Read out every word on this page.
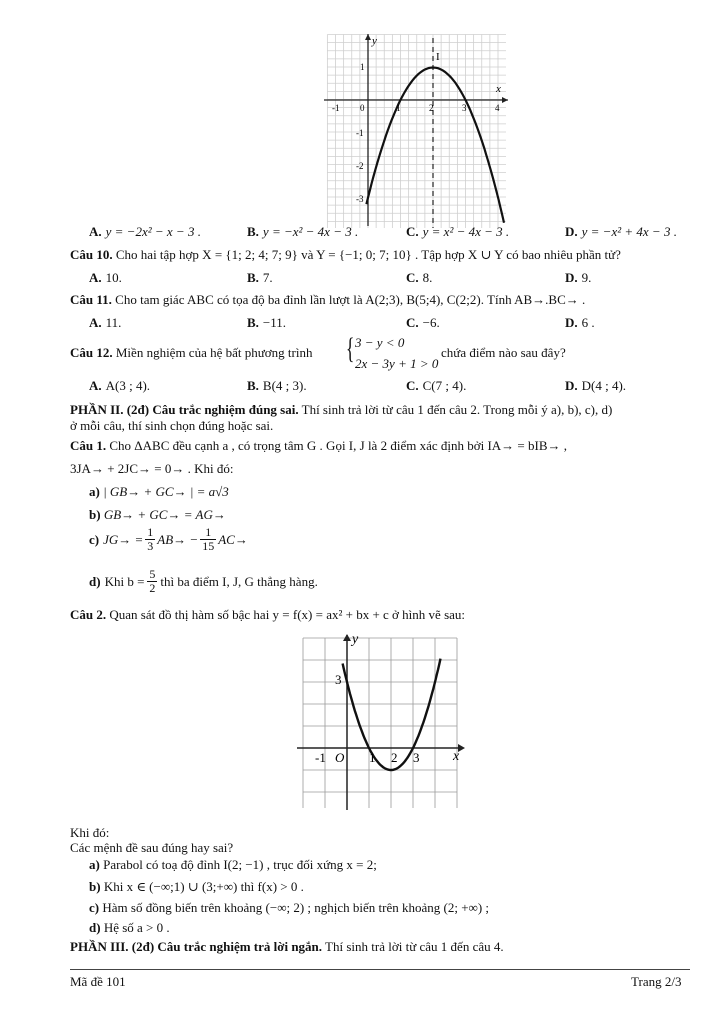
y
x
I
-1 0	1	2	3	4
1
-1
-2
-3
A. y = −2x² − x − 3 .	B. y = −x² − 4x − 3 .	C. y = x² − 4x − 3 .	D. y = −x² + 4x − 3 .
Câu 10. Cho hai tập hợp X = {1; 2; 4; 7; 9} và Y = {−1; 0; 7; 10} . Tập hợp X ∪ Y có bao nhiêu phần tử?
A. 10.	B. 7.	C. 8.	D. 9.
Câu 11. Cho tam giác ABC có tọa độ ba đỉnh lần lượt là A(2;3), B(5;4), C(2;2). Tính AB→.BC→ .
A. 11.	B. −11.	C. −6.	D. 6 .
Câu 12. Miền nghiệm của hệ bất phương trình { 3 − y < 0
2x − 3y + 1 > 0
chứa điểm nào sau đây?
A. A(3 ; 4).	B. B(4 ; 3).	C. C(7 ; 4).	D. D(4 ; 4).
PHẦN II. (2đ) Câu trắc nghiệm đúng sai. Thí sinh trả lời từ câu 1 đến câu 2. Trong mỗi ý a), b), c), d)
ở mỗi câu, thí sinh chọn đúng hoặc sai.
Câu 1. Cho ΔABC đều cạnh a , có trọng tâm G . Gọi I, J là 2 điểm xác định bởi IA→ = bIB→ ,
3JA→ + 2JC→ = 0→ . Khi đó:
a) | GB→ + GC→ | = a√3
b) GB→ + GC→ = AG→
c) $JG\to = \frac{1}{3} AB\to - \frac{1}{15} AC\to$
d) Khi $b = \frac{5}{2}$ thì ba điểm I, J, G thẳng hàng.
Câu 2. Quan sát đồ thị hàm số bậc hai y = f(x) = ax² + bx + c ở hình vẽ sau:
y
x
3
O
-1	1 2 3
Khi đó:
Các mệnh đề sau đúng hay sai?
a) Parabol có toạ độ đỉnh I(2; −1) , trục đối xứng x = 2;
b) Khi x ∈ (−∞;1) ∪ (3;+∞) thì f(x) > 0 .
c) Hàm số đồng biến trên khoảng (−∞; 2) ; nghịch biến trên khoảng (2; +∞) ;
d) Hệ số a > 0 .
PHẦN III. (2đ) Câu trắc nghiệm trả lời ngắn. Thí sinh trả lời từ câu 1 đến câu 4.
Mã đề 101	Trang 2/3
